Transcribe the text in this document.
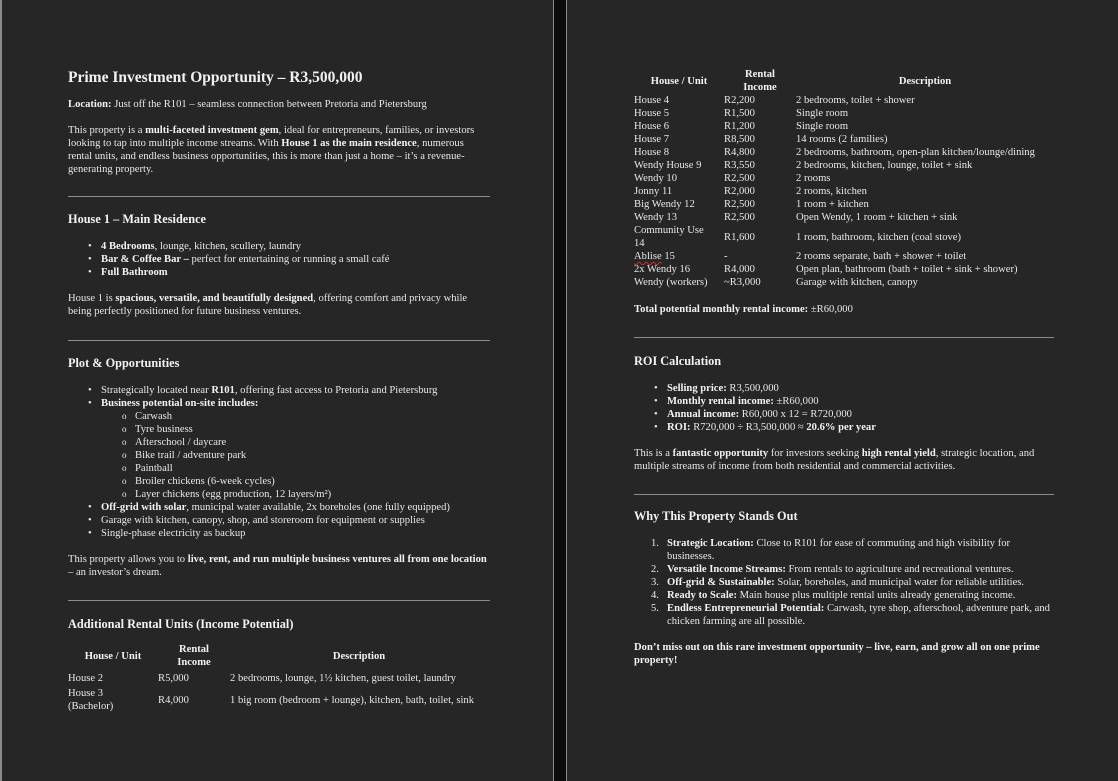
Prime Investment Opportunity – R3,500,000

Location: Just off the R101 – seamless connection between Pretoria and Pietersburg

This property is a multi-faceted investment gem, ideal for entrepreneurs, families, or investors looking to tap into multiple income streams. With House 1 as the main residence, numerous rental units, and endless business opportunities, this is more than just a home – it’s a revenue-generating property.

House 1 – Main Residence
• 4 Bedrooms, lounge, kitchen, scullery, laundry
• Bar & Coffee Bar – perfect for entertaining or running a small café
• Full Bathroom

House 1 is spacious, versatile, and beautifully designed, offering comfort and privacy while being perfectly positioned for future business ventures.

Plot & Opportunities
• Strategically located near R101, offering fast access to Pretoria and Pietersburg
• Business potential on-site includes:
o Carwash
o Tyre business
o Afterschool / daycare
o Bike trail / adventure park
o Paintball
o Broiler chickens (6-week cycles)
o Layer chickens (egg production, 12 layers/m²)
• Off-grid with solar, municipal water available, 2x boreholes (one fully equipped)
• Garage with kitchen, canopy, shop, and storeroom for equipment or supplies
• Single-phase electricity as backup

This property allows you to live, rent, and run multiple business ventures all from one location – an investor’s dream.

Additional Rental Units (Income Potential)
House / Unit	Rental Income	Description
House 2	R5,000	2 bedrooms, lounge, 1½ kitchen, guest toilet, laundry
House 3 (Bachelor)	R4,000	1 big room (bedroom + lounge), kitchen, bath, toilet, sink
House / Unit	Rental Income	Description
House 4	R2,200	2 bedrooms, toilet + shower
House 5	R1,500	Single room
House 6	R1,200	Single room
House 7	R8,500	14 rooms (2 families)
House 8	R4,800	2 bedrooms, bathroom, open-plan kitchen/lounge/dining
Wendy House 9	R3,550	2 bedrooms, kitchen, lounge, toilet + sink
Wendy 10	R2,500	2 rooms
Jonny 11	R2,000	2 rooms, kitchen
Big Wendy 12	R2,500	1 room + kitchen
Wendy 13	R2,500	Open Wendy, 1 room + kitchen + sink
Community Use 14	R1,600	1 room, bathroom, kitchen (coal stove)
Ablise 15	-	2 rooms separate, bath + shower + toilet
2x Wendy 16	R4,000	Open plan, bathroom (bath + toilet + sink + shower)
Wendy (workers)	~R3,000	Garage with kitchen, canopy

Total potential monthly rental income: ±R60,000

ROI Calculation
• Selling price: R3,500,000
• Monthly rental income: ±R60,000
• Annual income: R60,000 x 12 = R720,000
• ROI: R720,000 ÷ R3,500,000 ≈ 20.6% per year

This is a fantastic opportunity for investors seeking high rental yield, strategic location, and multiple streams of income from both residential and commercial activities.

Why This Property Stands Out
1. Strategic Location: Close to R101 for ease of commuting and high visibility for businesses.
2. Versatile Income Streams: From rentals to agriculture and recreational ventures.
3. Off-grid & Sustainable: Solar, boreholes, and municipal water for reliable utilities.
4. Ready to Scale: Main house plus multiple rental units already generating income.
5. Endless Entrepreneurial Potential: Carwash, tyre shop, afterschool, adventure park, and chicken farming are all possible.

Don’t miss out on this rare investment opportunity – live, earn, and grow all on one prime property!
